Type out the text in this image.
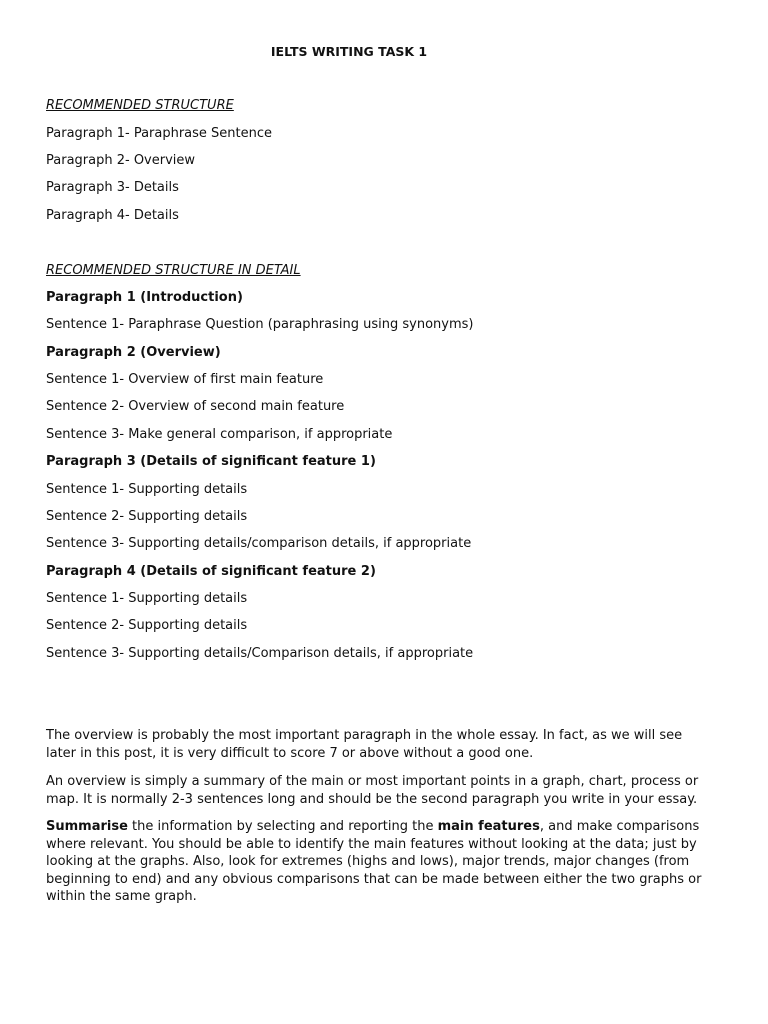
IELTS WRITING TASK 1
RECOMMENDED STRUCTURE
Paragraph 1- Paraphrase Sentence
Paragraph 2- Overview
Paragraph 3- Details
Paragraph 4- Details
RECOMMENDED STRUCTURE IN DETAIL
Paragraph 1 (Introduction)
Sentence 1- Paraphrase Question (paraphrasing using synonyms)
Paragraph 2 (Overview)
Sentence 1- Overview of first main feature
Sentence 2- Overview of second main feature
Sentence 3- Make general comparison, if appropriate
Paragraph 3 (Details of significant feature 1)
Sentence 1- Supporting details
Sentence 2- Supporting details
Sentence 3- Supporting details/comparison details, if appropriate
Paragraph 4 (Details of significant feature 2)
Sentence 1- Supporting details
Sentence 2- Supporting details
Sentence 3- Supporting details/Comparison details, if appropriate
The overview is probably the most important paragraph in the whole essay. In fact, as we will see later in this post, it is very difficult to score 7 or above without a good one.
An overview is simply a summary of the main or most important points in a graph, chart, process or map. It is normally 2-3 sentences long and should be the second paragraph you write in your essay.
Summarise the information by selecting and reporting the main features, and make comparisons where relevant. You should be able to identify the main features without looking at the data; just by looking at the graphs. Also, look for extremes (highs and lows), major trends, major changes (from beginning to end) and any obvious comparisons that can be made between either the two graphs or within the same graph.
